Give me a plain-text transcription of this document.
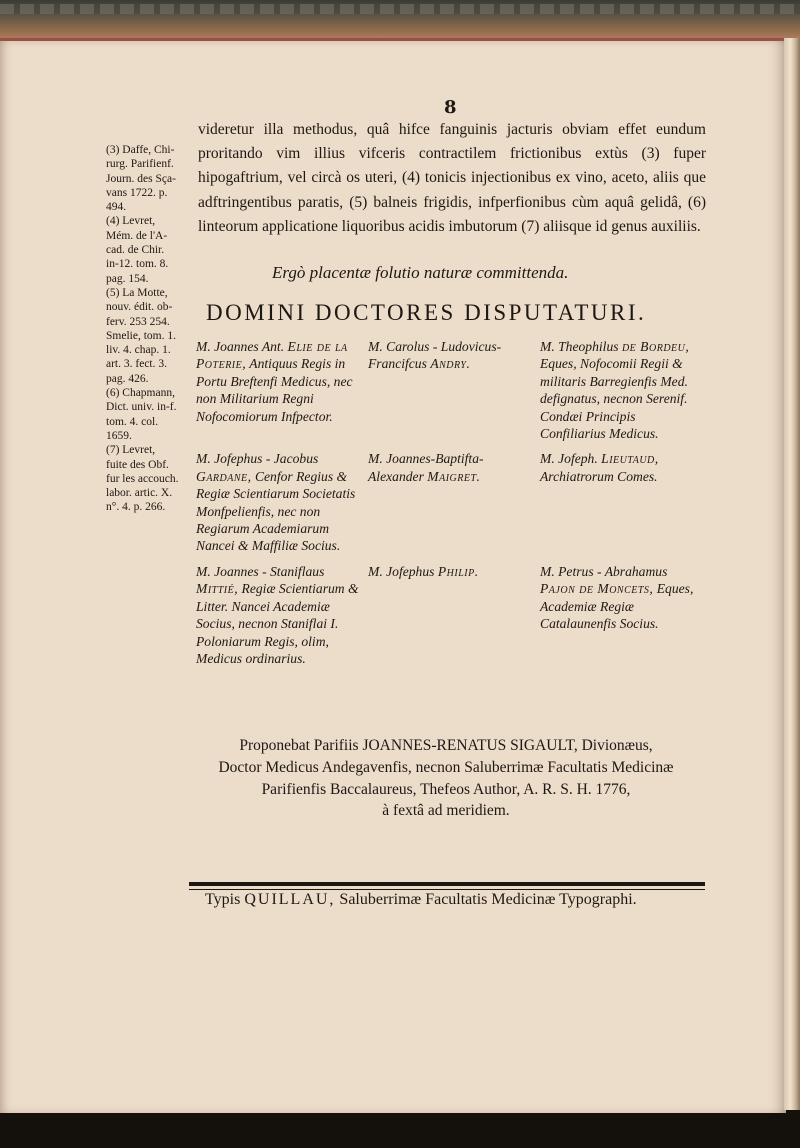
8

(3) Daffe, Chi-

rurg. Parifienf.

Journ. des Sça-

vans 1722. p.

494.

(4) Levret,

Mém. de l'A-

cad. de Chir.

in-12. tom. 8.

pag. 154.

(5) La Motte,

nouv. édit. ob-

ferv. 253 254.

Smelie, tom. 1.

liv. 4. chap. 1.

art. 3. fect. 3.

pag. 426.

(6) Chapmann,

Dict. univ. in-f.

tom. 4. col.

1659.

(7) Levret,

fuite des Obf.

fur les accouch.

labor. artic. X.

n°. 4. p. 266.

videretur illa methodus, quâ hifce fanguinis jacturis obviam effet eundum proritando vim illius vifceris contractilem frictionibus extùs (3) fuper hipogaftrium, vel circà os uteri, (4) tonicis injectionibus ex vino, aceto, aliis que adftringentibus paratis, (5) balneis frigidis, infperfionibus cùm aquâ gelidâ, (6) linteorum applicatione liquoribus acidis imbutorum (7) aliisque id genus auxiliis.
Ergò placentæ folutio naturæ committenda.
DOMINI DOCTORES DISPUTATURI.
M. Joannes Ant. Elie de la Poterie, Antiquus Regis in Portu Breftenfi Medicus, nec non Militarium Regni Nofocomiorum Infpector.
M. Carolus - Ludovicus-Francifcus Andry.
M. Theophilus de Bordeu, Eques, Nofocomii Regii & militaris Barregienfis Med. defignatus, necnon Serenif. Condæi Principis Confiliarius Medicus.
M. Jofephus - Jacobus Gardane, Cenfor Regius & Regiæ Scientiarum Societatis Monfpelienfis, nec non Regiarum Academiarum Nancei & Maffiliæ Socius.
M. Joannes-Baptifta-Alexander Maigret.
M. Jofeph. Lieutaud, Archiatrorum Comes.
M. Joannes - Staniflaus Mittié, Regiæ Scientiarum & Litter. Nancei Academiæ Socius, necnon Staniflai I. Poloniarum Regis, olim, Medicus ordinarius.
M. Jofephus Philip.	M. Petrus - Abrahamus Pajon de Moncets, Eques, Academiæ Regiæ Catalaunenfis Socius.

Proponebat Parifiis JOANNES-RENATUS SIGAULT, Divionæus,

Doctor Medicus Andegavenfis, necnon Saluberrimæ Facultatis Medicinæ

Parifienfis Baccalaureus, Thefeos Author, A. R. S. H. 1776,

à fextâ ad meridiem.

Typis QUILLAU, Saluberrimæ Facultatis Medicinæ Typographi.
